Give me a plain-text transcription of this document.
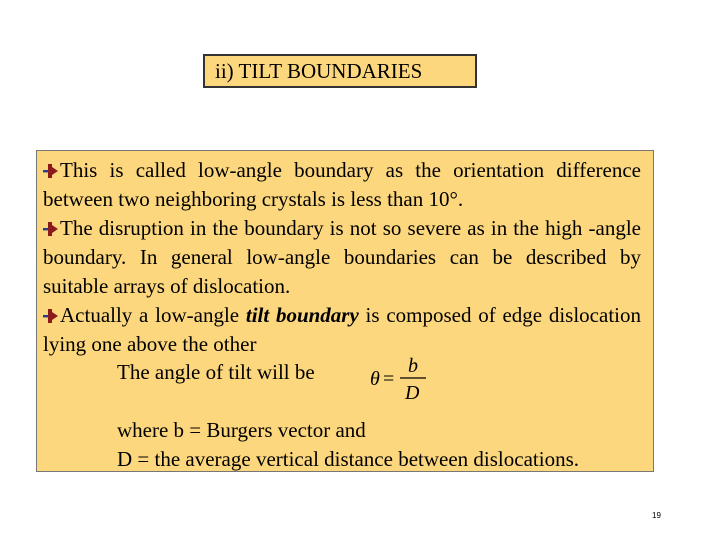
ii) TILT BOUNDARIES
This is called low-angle boundary as the orientation difference between two neighboring crystals is less than 10°.
The disruption in the boundary is not so severe as in the high -angle boundary. In general low-angle boundaries can be described by suitable arrays of dislocation.
Actually a low-angle tilt boundary is composed of edge dislocation lying one above the other
The angle of tilt will be	θ =
b
D
where b = Burgers vector and
D = the average vertical distance between dislocations.
19
